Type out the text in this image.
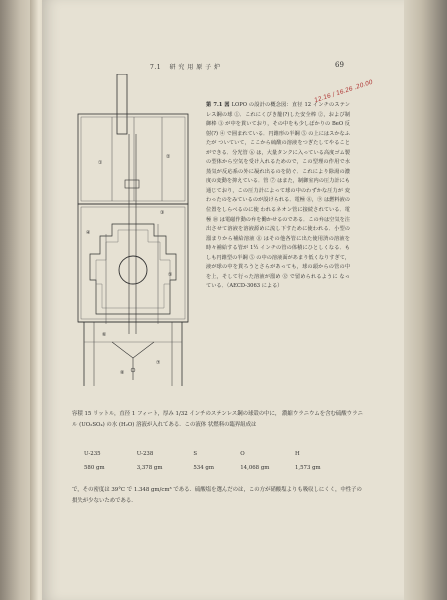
7.1 研 究 用 原 子 炉	69
12.16 / 16.26 .20.00
①
②
③
④
⑤
⑥
⑦
⑧
第 7.1 図 LOPO の設計の概念図：直径 12 インチのステンレス鋼の球 ①．これにくびき籠(?)した安全棒 ②，および制御棒 ③ が中を貫いており，その中をも少しばかりの BeO 反射(?) ④ で囲まれている．円錐形の半鋼 ⑤ の上にはスかなふたが ついていて，ここから硫酸の溶液をつぎたしてやることができる．分光管 ⑥ は，大量タンクに入っている高度ゴム製の型体から空気を受け入れるためので，この型理の作用で水蒸気が反応系の外に凝れ出るのを防ぐ．これにより除湯の濃度の変動を抑えている．管 ⑦ はまた，制御室内の圧力計にも通じており，この圧力計によって球の中のわずかな圧力が 変わったのをみているのが設けられる．電極 ⑧，⑨ は燃料液の位置をしらべるのに使 われるネオン管に接続されている．電極 ⑩ は電磁作動の弁を働かせるのである．この弁は空気を注出させて溶液を溶液源めに流し下すために使われる．小型の溜まりから補給溶液 ⑪ はその他各管に出た使用済の溶液を時々補給する管が 1½ インチの管の体積にひとしくなる．もしも円錐型の半鋼 ⑤ の中の溶液面があまり低くなりすぎて，液が球の中を貫ろうとさらがあっても，球の頭からの管の中を上，そして行った溶液が溜め ⑫ で留められるように なっている．（AECD-3063 による）
容積 15 リットル，直径 1 フィート，厚み 1/32 インチのステンレス鋼の球殻の中に， 濃縮ウラニウムを含む硫酸ウラニル (UO₂SO₄) の水 (H₂O) 溶液が入れてある．この液体 状燃料の臨界組成は
U-235	U-238	S	O	H
580 gm	3,378 gm	534 gm	14,068 gm	1,573 gm
で，その密度は 39°C で 1.348 gm/cm³ である．硫酸塩を選んだのは，この方が硝酸塩よりも吸収しにくく，中性子の損失が少ないためである．
